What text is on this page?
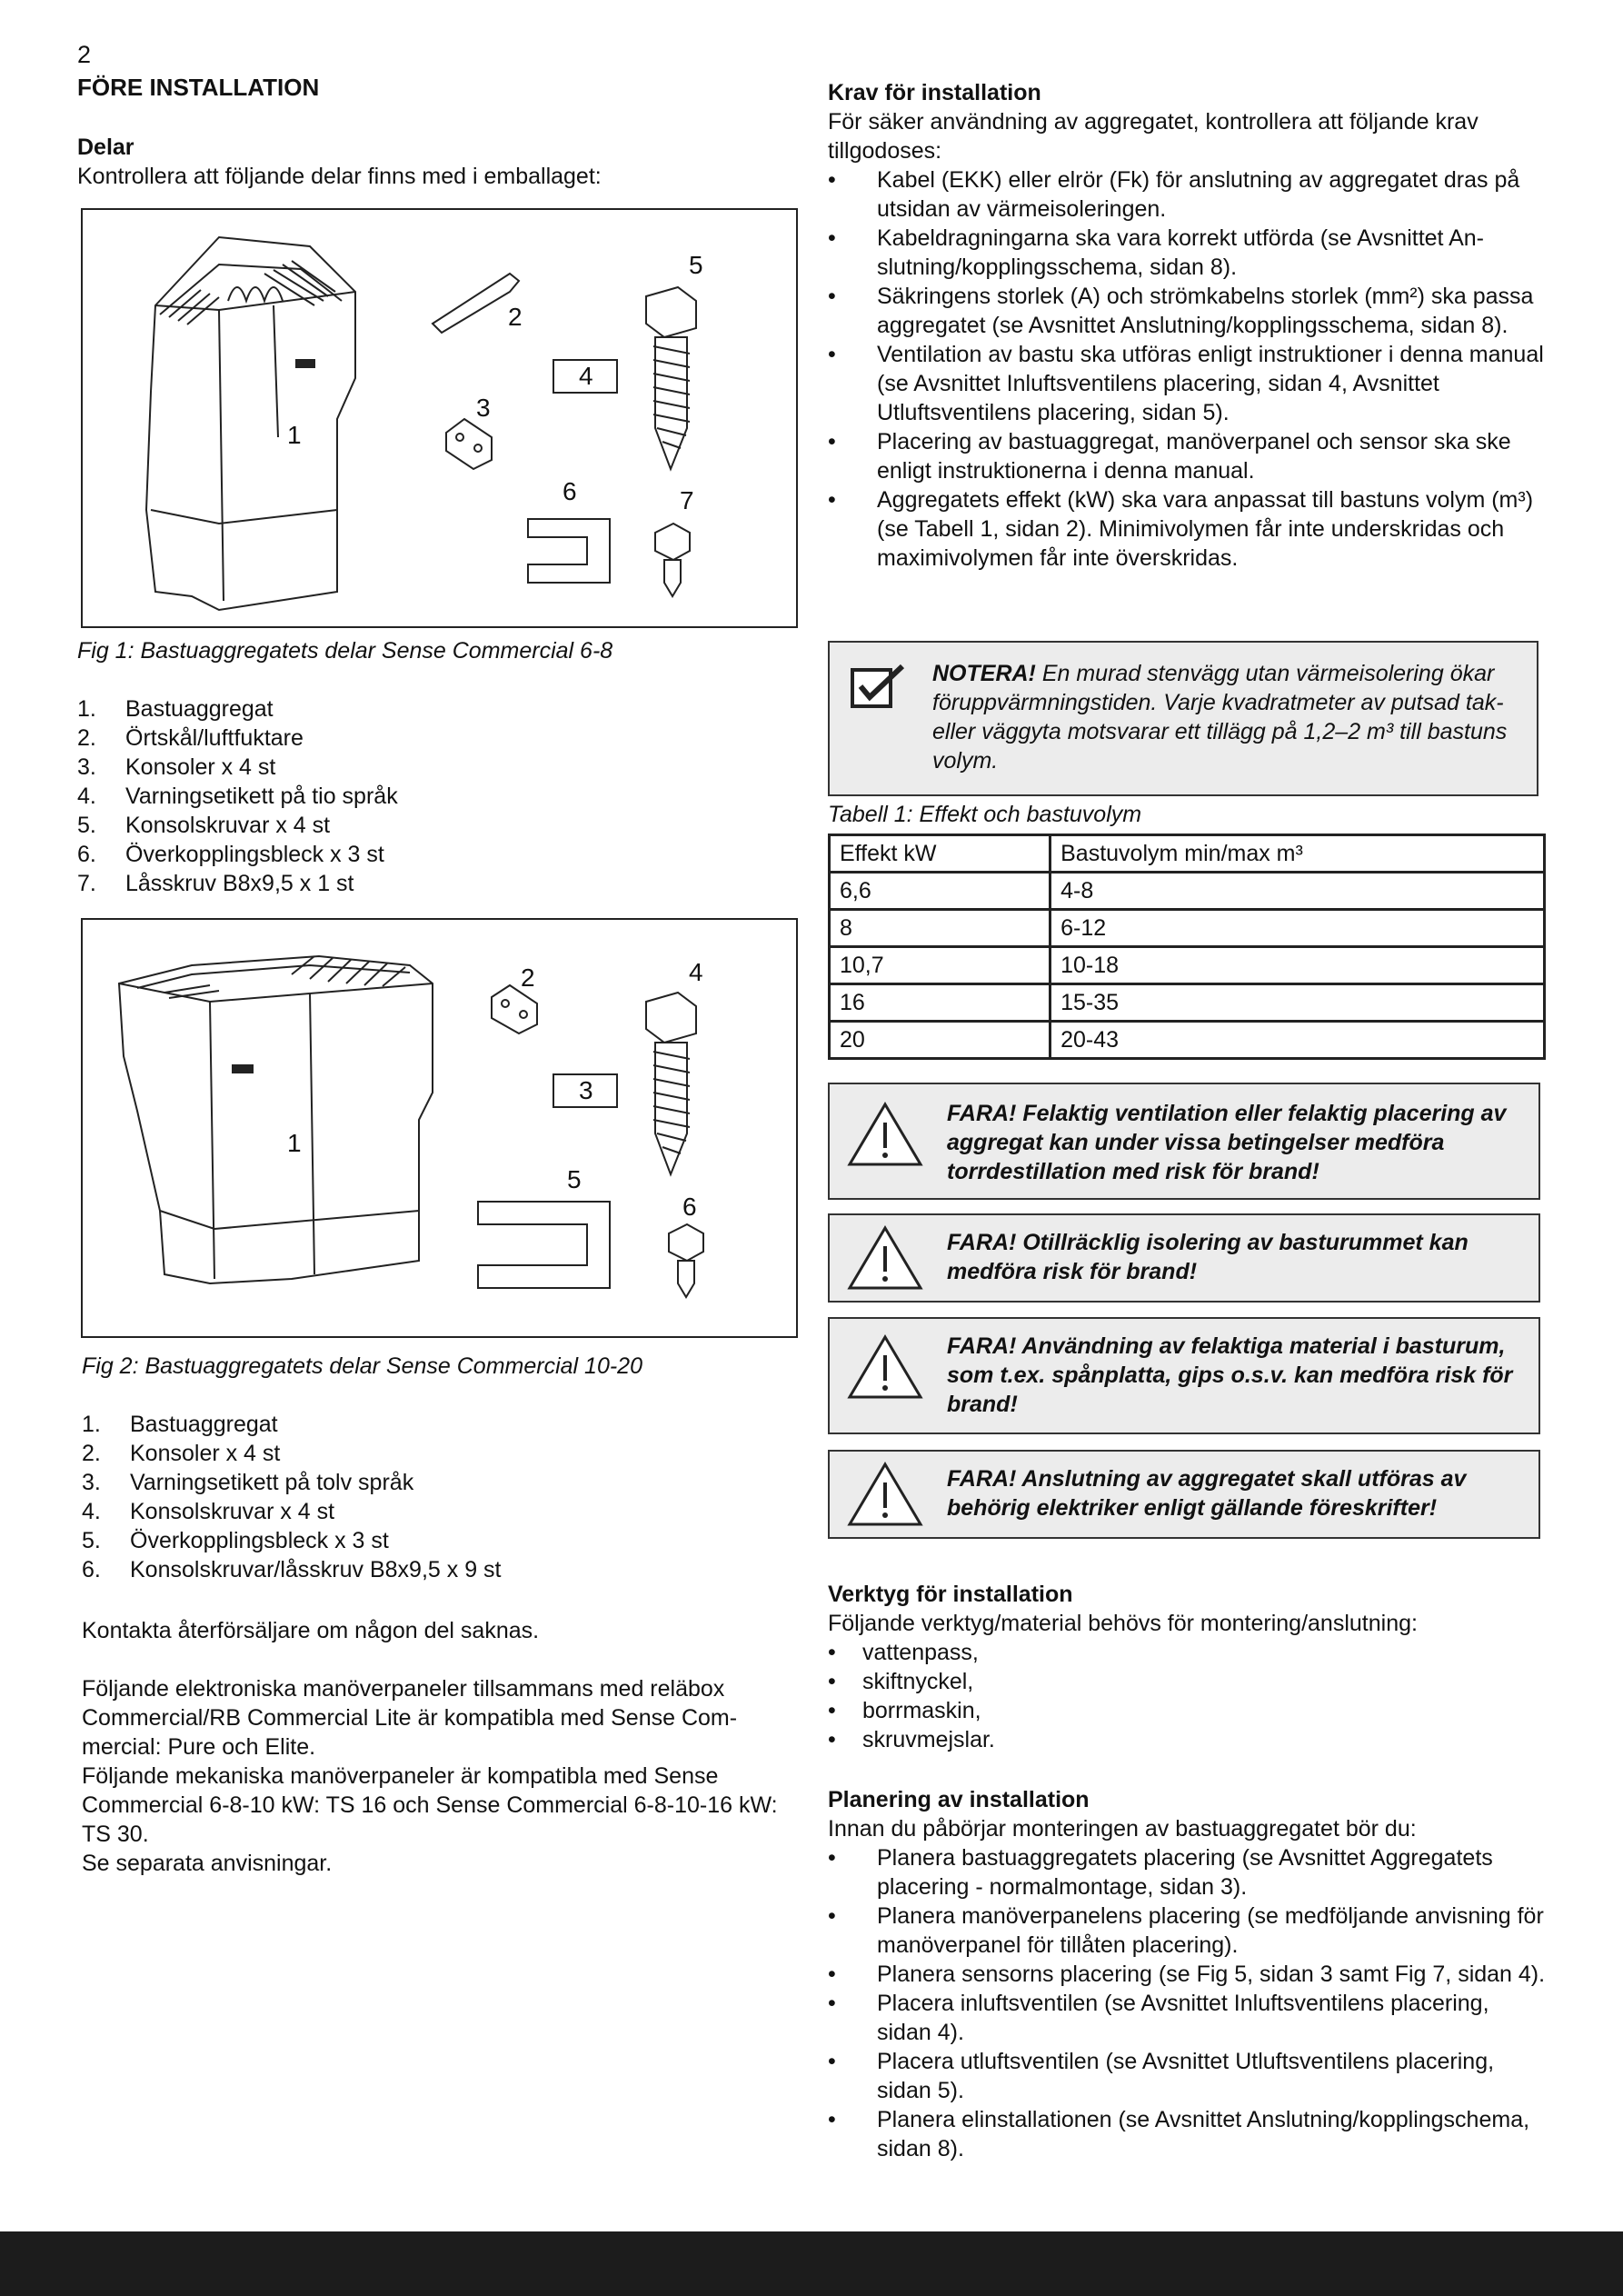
2
FÖRE INSTALLATION

Delar

Kontrollera att följande delar finns med i emballaget:

1
2
3
4
5
6	7
Fig 1: Bastuaggregatets delar Sense Commercial 6-8
1.	Bastuaggregat
2.	Örtskål/luftfuktare
3.	Konsoler x 4 st
4.	Varningsetikett på tio språk
5.	Konsolskruvar x 4 st
6.	Överkopplingsbleck x 3 st
7.	Låsskruv B8x9,5 x 1 st
1
2
3
4
5
6
Fig 2: Bastuaggregatets delar Sense Commercial 10-20
1.	Bastuaggregat
2.	Konsoler x 4 st
3.	Varningsetikett på tolv språk
4.	Konsolskruvar x 4 st
5.	Överkopplingsbleck x 3 st
6.	Konsolskruvar/låsskruv B8x9,5 x 9 st

Kontakta återförsäljare om någon del saknas.

Följande elektroniska manöverpaneler tillsammans med reläbox Commercial/RB Commercial Lite är kompatibla med Sense Commercial: Pure och Elite.

Följande mekaniska manöverpaneler är kompatibla med Sense Commercial 6-8-10 kW: TS 16 och Sense Commercial 6-8-10-16 kW: TS 30.

Se separata anvisningar.

Krav för installation

För säker användning av aggregatet, kontrollera att följande krav tillgodoses:

• Kabel (EKK) eller elrör (Fk) för anslutning av aggregatet dras på utsidan av värmeisoleringen.
• Kabeldragningarna ska vara korrekt utförda (se Avsnittet Anslutning/kopplingsschema, sidan 8).
• Säkringens storlek (A) och strömkabelns storlek (mm²) ska passa aggregatet (se Avsnittet Anslutning/kopplingsschema, sidan 8).
• Ventilation av bastu ska utföras enligt instruktioner i denna manual (se Avsnittet Inluftsventilens placering, sidan 4, Avsnittet Utluftsventilens placering, sidan 5).
• Placering av bastuaggregat, manöverpanel och sensor ska ske enligt instruktionerna i denna manual.
• Aggregatets effekt (kW) ska vara anpassat till bastuns volym (m³) (se Tabell 1, sidan 2). Minimivolymen får inte underskridas och maximivolymen får inte överskridas.
NOTERA! En murad stenvägg utan värmeisolering ökar föruppvärmningstiden. Varje kvadratmeter av putsad tak- eller väggyta motsvarar ett tillägg på 1,2–2 m³ till bastuns volym.
Tabell 1: Effekt och bastuvolym
Effekt kW	Bastuvolym min/max m³
6,6	4-8
8	6-12
10,7	10-18
16	15-35
20	20-43
FARA! Felaktig ventilation eller felaktig placering av aggregat kan under vissa betingelser medföra torrdestillation med risk för brand!
FARA! Otillräcklig isolering av basturummet kan medföra risk för brand!
FARA! Användning av felaktiga material i basturum, som t.ex. spånplatta, gips o.s.v. kan medföra risk för brand!
FARA! Anslutning av aggregatet skall utföras av behörig elektriker enligt gällande föreskrifter!

Verktyg för installation

Följande verktyg/material behövs för montering/anslutning:

• vattenpass,
• skiftnyckel,
• borrmaskin,
• skruvmejslar.

Planering av installation

Innan du påbörjar monteringen av bastuaggregatet bör du:

• Planera bastuaggregatets placering (se Avsnittet Aggregatets placering - normalmontage, sidan 3).
• Planera manöverpanelens placering (se medföljande anvisning för manöverpanel för tillåten placering).
• Planera sensorns placering (se Fig 5, sidan 3 samt Fig 7, sidan 4).
• Placera inluftsventilen (se Avsnittet Inluftsventilens placering, sidan 4).
• Placera utluftsventilen (se Avsnittet Utluftsventilens placering, sidan 5).
• Planera elinstallationen (se Avsnittet Anslutning/kopplingschema, sidan 8).
